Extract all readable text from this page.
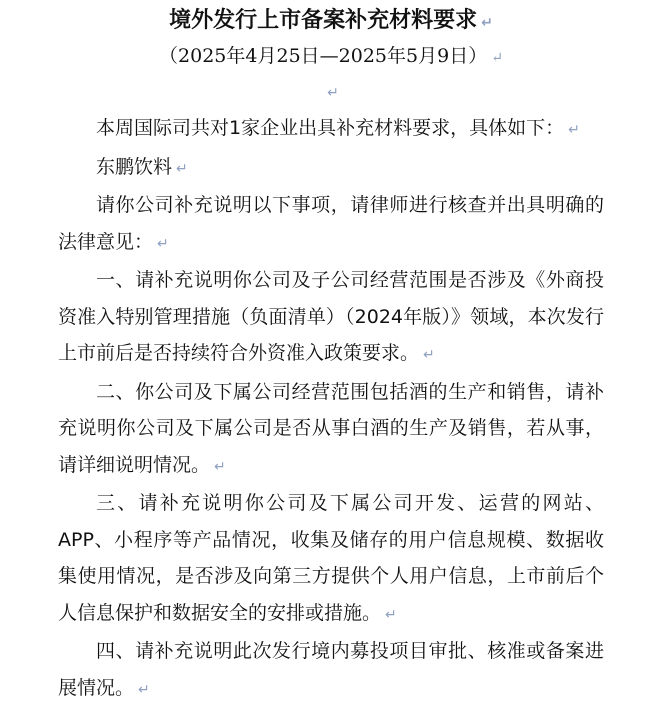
境外发行上市备案补充材料要求 ↵
（2025年4月25日—2025年5月9日） ↵
↵
本周国际司共对1家企业出具补充材料要求，具体如下： ↵
东鹏饮料 ↵
请你公司补充说明以下事项，请律师进行核查并出具明确的法律意见： ↵
一、请补充说明你公司及子公司经营范围是否涉及《外商投资准入特别管理措施（负面清单）（2024年版）》领域，本次发行上市前后是否持续符合外资准入政策要求。 ↵
二、你公司及下属公司经营范围包括酒的生产和销售，请补充说明你公司及下属公司是否从事白酒的生产及销售，若从事，请详细说明情况。 ↵
三、请补充说明你公司及下属公司开发、运营的网站、APP、小程序等产品情况，收集及储存的用户信息规模、数据收集使用情况，是否涉及向第三方提供个人用户信息，上市前后个人信息保护和数据安全的安排或措施。 ↵
四、请补充说明此次发行境内募投项目审批、核准或备案进展情况。 ↵
